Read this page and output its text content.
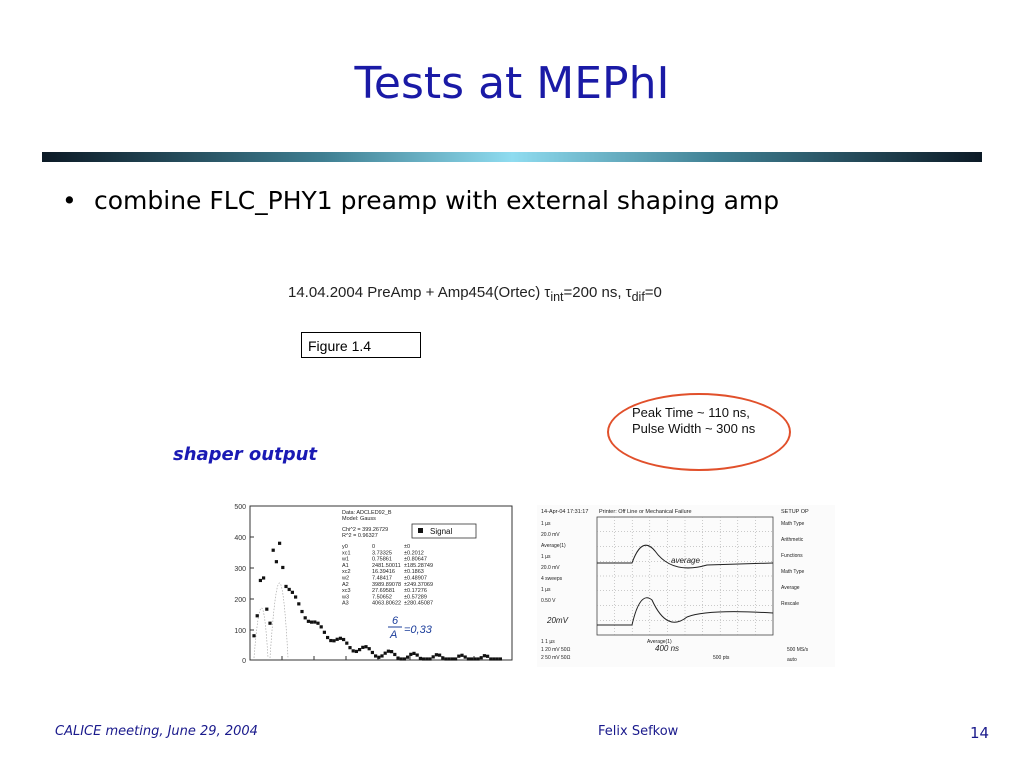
Tests at MEPhI
• combine FLC_PHY1 preamp with external shaping amp
14.04.2004 PreAmp + Amp454(Ortec) $\tau_{int}=200$ ns, $\tau_{dif}=0$
Figure 1.4
Peak Time ~ 110 ns,
Pulse Width ~ 300 ns
shaper output
500
400
300
200
100
0
Signal
Data: ADCLED92_B
Model: Gauss
Chi^2 = 399.26729
R^2 = 0.96327
y0	0	±0
xc1	3.73325 ±0.2012
w1	0.75861 ±0.80647
A1	2481.50011 ±185.28749
xc2	16.39416 ±0.1863
w2	7.48417 ±0.48907
A2	3989.89078 ±249.37069
xc3	27.69581 ±0.17276
w3	7.50652 ±0.57289
A3	4063.80622 ±280.45087
6
A =0,33
14-Apr-04 17:31:17 Printer: Off Line or Mechanical Failure	SETUP OP
1 µs
20.0 mV
Average(1)
1 µs
20.0 mV
4 sweeps
1 µs
0.50 V
Math Type
Arithmetic
Functions
Math Type
Average
Rescale
average
20mV
400 ns
1 1 µs
1 20 mV 50Ω
2 50 mV 50Ω
Average(1)
500 pts
500 MS/s
auto
CALICE meeting, June 29, 2004	Felix Sefkow	14
